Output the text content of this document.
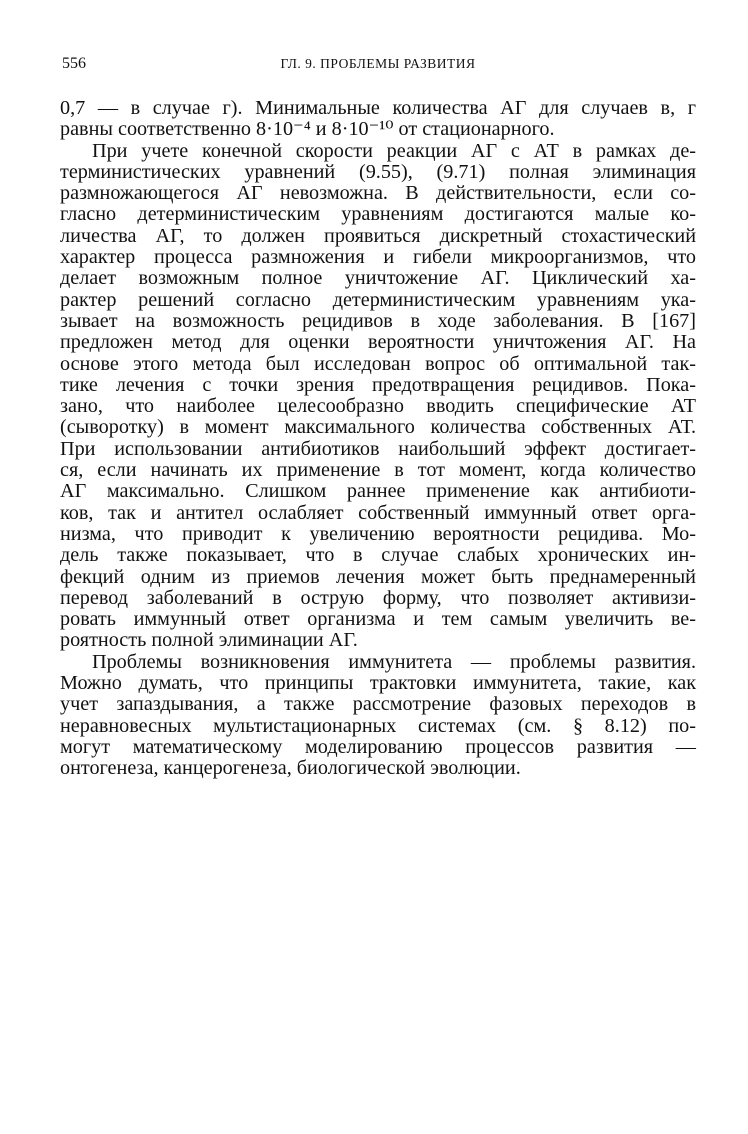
556	ГЛ. 9. ПРОБЛЕМЫ РАЗВИТИЯ

0,7 — в случае г). Минимальные количества АГ для случаев в, г
равны соответственно 8·10⁻⁴ и 8·10⁻¹⁰ от стационарного.

При учете конечной скорости реакции АГ с АТ в рамках де-
терминистических уравнений (9.55), (9.71) полная элиминация
размножающегося АГ невозможна. В действительности, если со-
гласно детерминистическим уравнениям достигаются малые ко-
личества АГ, то должен проявиться дискретный стохастический
характер процесса размножения и гибели микроорганизмов, что
делает возможным полное уничтожение АГ. Циклический ха-
рактер решений согласно детерминистическим уравнениям ука-
зывает на возможность рецидивов в ходе заболевания. В [167]
предложен метод для оценки вероятности уничтожения АГ. На
основе этого метода был исследован вопрос об оптимальной так-
тике лечения с точки зрения предотвращения рецидивов. Пока-
зано, что наиболее целесообразно вводить специфические АТ
(сыворотку) в момент максимального количества собственных АТ.
При использовании антибиотиков наибольший эффект достигает-
ся, если начинать их применение в тот момент, когда количество
АГ максимально. Слишком раннее применение как антибиоти-
ков, так и антител ослабляет собственный иммунный ответ орга-
низма, что приводит к увеличению вероятности рецидива. Мо-
дель также показывает, что в случае слабых хронических ин-
фекций одним из приемов лечения может быть преднамеренный
перевод заболеваний в острую форму, что позволяет активизи-
ровать иммунный ответ организма и тем самым увеличить ве-
роятность полной элиминации АГ.

Проблемы возникновения иммунитета — проблемы развития.
Можно думать, что принципы трактовки иммунитета, такие, как
учет запаздывания, а также рассмотрение фазовых переходов в
неравновесных мультистационарных системах (см. § 8.12) по-
могут математическому моделированию процессов развития —
онтогенеза, канцерогенеза, биологической эволюции.
